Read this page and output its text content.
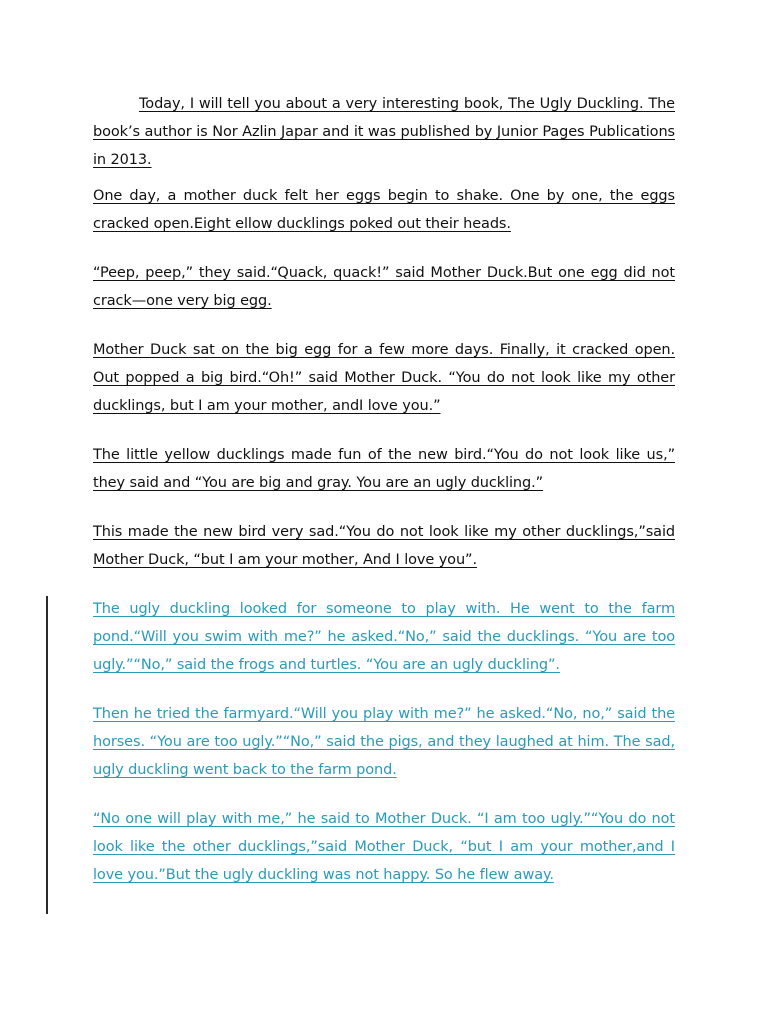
Today, I will tell you about a very interesting book, The Ugly Duckling. The book’s author is Nor Azlin Japar and it was published by Junior Pages Publications in 2013.

One day, a mother duck felt her eggs begin to shake. One by one, the eggs cracked open.Eight ellow ducklings poked out their heads.

“Peep, peep,” they said.“Quack, quack!” said Mother Duck.But one egg did not crack—one very big egg.

Mother Duck sat on the big egg for a few more days. Finally, it cracked open. Out popped a big bird.“Oh!” said Mother Duck. “You do not look like my other ducklings, but I am your mother, andI love you.”

The little yellow ducklings made fun of the new bird.“You do not look like us,” they said and “You are big and gray. You are an ugly duckling.”

This made the new bird very sad.“You do not look like my other ducklings,”said Mother Duck, “but I am your mother, And I love you”.

The ugly duckling looked for someone to play with. He went to the farm pond.“Will you swim with me?” he asked.“No,” said the ducklings. “You are too ugly.”“No,” said the frogs and turtles. “You are an ugly duckling”.

Then he tried the farmyard.“Will you play with me?” he asked.“No, no,” said the horses. “You are too ugly.”“No,” said the pigs, and they laughed at him. The sad, ugly duckling went back to the farm pond.

“No one will play with me,” he said to Mother Duck. “I am too ugly.”“You do not look like the other ducklings,”said Mother Duck, “but I am your mother,and I love you.”But the ugly duckling was not happy. So he flew away.
